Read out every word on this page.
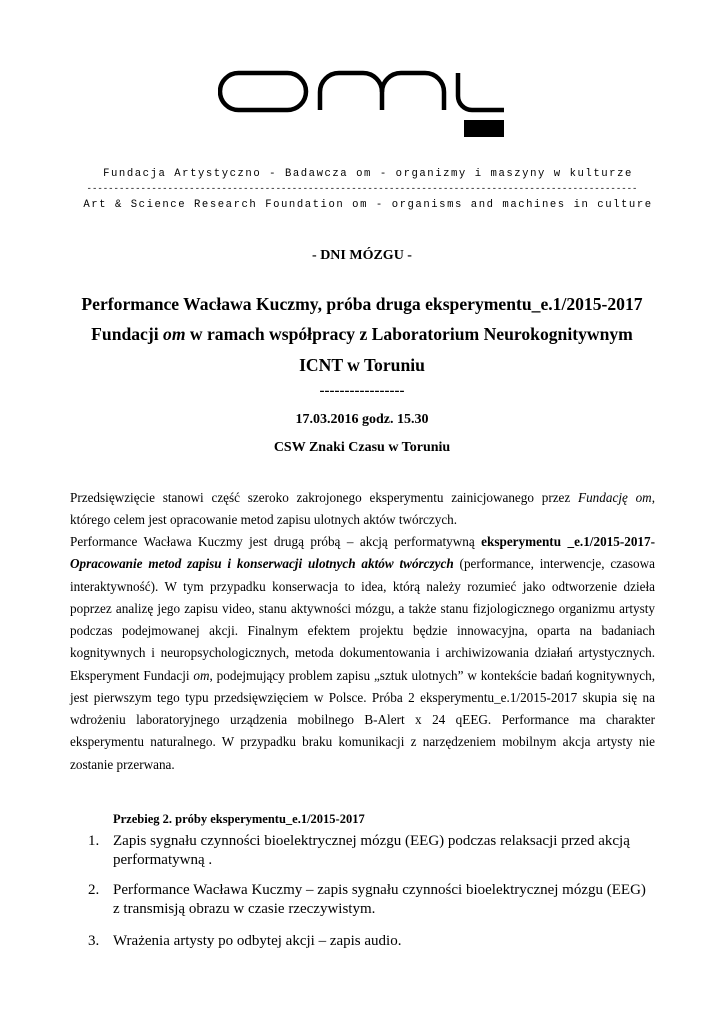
Fundacja Artystyczno - Badawcza om - organizmy i maszyny w kulturze
------------------------------------------------------------------------------------------------------
Art & Science Research Foundation om - organisms and machines in culture
- DNI MÓZGU -
Performance Wacława Kuczmy, próba druga eksperymentu_e.1/2015-2017
Fundacji om w ramach współpracy z Laboratorium Neurokognitywnym
ICNT w Toruniu
-----------------
17.03.2016 godz. 15.30
CSW Znaki Czasu w Toruniu
Przedsięwzięcie stanowi część szeroko zakrojonego eksperymentu zainicjowanego przez Fundację om,
którego celem jest opracowanie metod zapisu ulotnych aktów twórczych.
Performance Wacława Kuczmy jest drugą próbą – akcją performatywną eksperymentu _e.1/2015-2017- Opracowanie metod zapisu i konserwacji ulotnych aktów twórczych (performance, interwencje, czasowa interaktywność). W tym przypadku konserwacja to idea, którą należy rozumieć jako odtworzenie dzieła poprzez analizę jego zapisu video, stanu aktywności mózgu, a także stanu fizjologicznego organizmu artysty podczas podejmowanej akcji. Finalnym efektem projektu będzie innowacyjna, oparta na badaniach kognitywnych i neuropsychologicznych, metoda dokumentowania i archiwizowania działań artystycznych. Eksperyment Fundacji om, podejmujący problem zapisu „sztuk ulotnych” w kontekście badań kognitywnych, jest pierwszym tego typu przedsięwzięciem w Polsce. Próba 2 eksperymentu_e.1/2015-2017 skupia się na wdrożeniu laboratoryjnego urządzenia mobilnego B-Alert x 24 qEEG. Performance ma charakter eksperymentu naturalnego. W przypadku braku komunikacji z narzędzeniem mobilnym akcja artysty nie zostanie przerwana.
Przebieg 2. próby eksperymentu_e.1/2015-2017
1. Zapis sygnału czynności bioelektrycznej mózgu (EEG) podczas relaksacji przed akcją performatywną .
2. Performance Wacława Kuczmy – zapis sygnału czynności bioelektrycznej mózgu (EEG) z transmisją obrazu w czasie rzeczywistym.
3. Wrażenia artysty po odbytej akcji – zapis audio.
